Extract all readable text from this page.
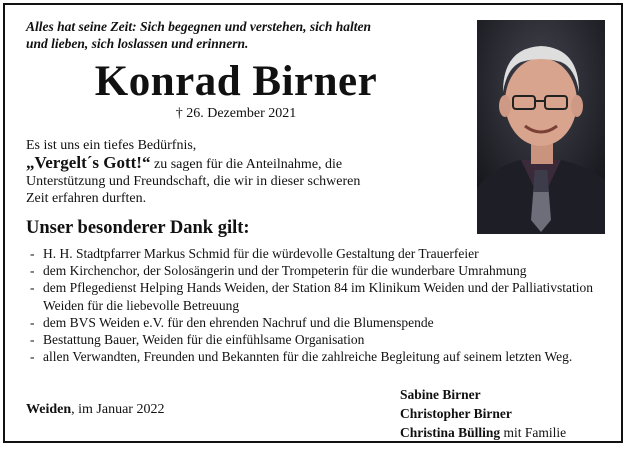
Alles hat seine Zeit: Sich begegnen und verstehen, sich halten
und lieben, sich loslassen und erinnern.
Konrad Birner
† 26. Dezember 2021
Es ist uns ein tiefes Bedürfnis,
„Vergelt´s Gott!“ zu sagen für die Anteilnahme, die
Unterstützung und Freundschaft, die wir in dieser schweren
Zeit erfahren durften.
Unser besonderer Dank gilt:
- H. H. Stadtpfarrer Markus Schmid für die würdevolle Gestaltung der Trauerfeier
- dem Kirchenchor, der Solosängerin und der Trompeterin für die wunderbare Umrahmung
- dem Pflegedienst Helping Hands Weiden, der Station 84 im Klinikum Weiden und der Palliativstation Weiden für die liebevolle Betreuung
- dem BVS Weiden e.V. für den ehrenden Nachruf und die Blumenspende
- Bestattung Bauer, Weiden für die einfühlsame Organisation
- allen Verwandten, Freunden und Bekannten für die zahlreiche Begleitung auf seinem letzten Weg.
Weiden, im Januar 2022
Sabine Birner
Christopher Birner
Christina Bülling mit Familie
